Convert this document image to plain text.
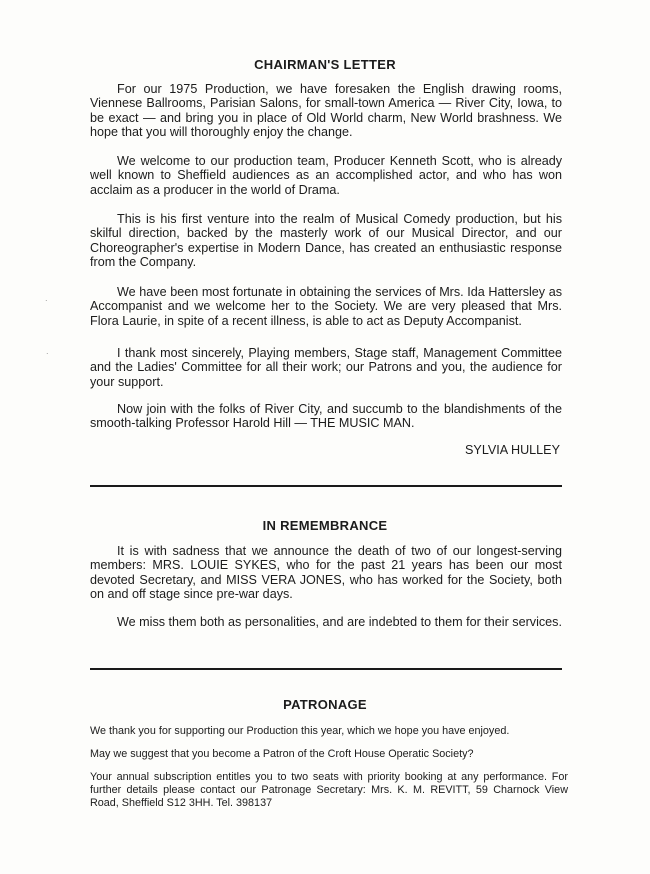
CHAIRMAN'S LETTER

For our 1975 Production, we have foresaken the English drawing rooms, Viennese Ballrooms, Parisian Salons, for small-town America — River City, Iowa, to be exact — and bring you in place of Old World charm, New World brashness. We hope that you will thoroughly enjoy the change.

We welcome to our production team, Producer Kenneth Scott, who is already well known to Sheffield audiences as an accomplished actor, and who has won acclaim as a producer in the world of Drama.

This is his first venture into the realm of Musical Comedy production, but his skilful direction, backed by the masterly work of our Musical Director, and our Choreographer's expertise in Modern Dance, has created an enthusiastic response from the Company.

We have been most fortunate in obtaining the services of Mrs. Ida Hattersley as Accompanist and we welcome her to the Society. We are very pleased that Mrs. Flora Laurie, in spite of a recent illness, is able to act as Deputy Accompanist.

I thank most sincerely, Playing members, Stage staff, Management Committee and the Ladies' Committee for all their work; our Patrons and you, the audience for your support.

Now join with the folks of River City, and succumb to the blandishments of the smooth-talking Professor Harold Hill — THE MUSIC MAN.

SYLVIA HULLEY
IN REMEMBRANCE

It is with sadness that we announce the death of two of our longest-serving members: MRS. LOUIE SYKES, who for the past 21 years has been our most devoted Secretary, and MISS VERA JONES, who has worked for the Society, both on and off stage since pre-war days.

We miss them both as personalities, and are indebted to them for their services.

PATRONAGE

We thank you for supporting our Production this year, which we hope you have enjoyed.

May we suggest that you become a Patron of the Croft House Operatic Society?

Your annual subscription entitles you to two seats with priority booking at any performance. For further details please contact our Patronage Secretary: Mrs. K. M. REVITT, 59 Charnock View Road, Sheffield S12 3HH. Tel. 398137

.
.
